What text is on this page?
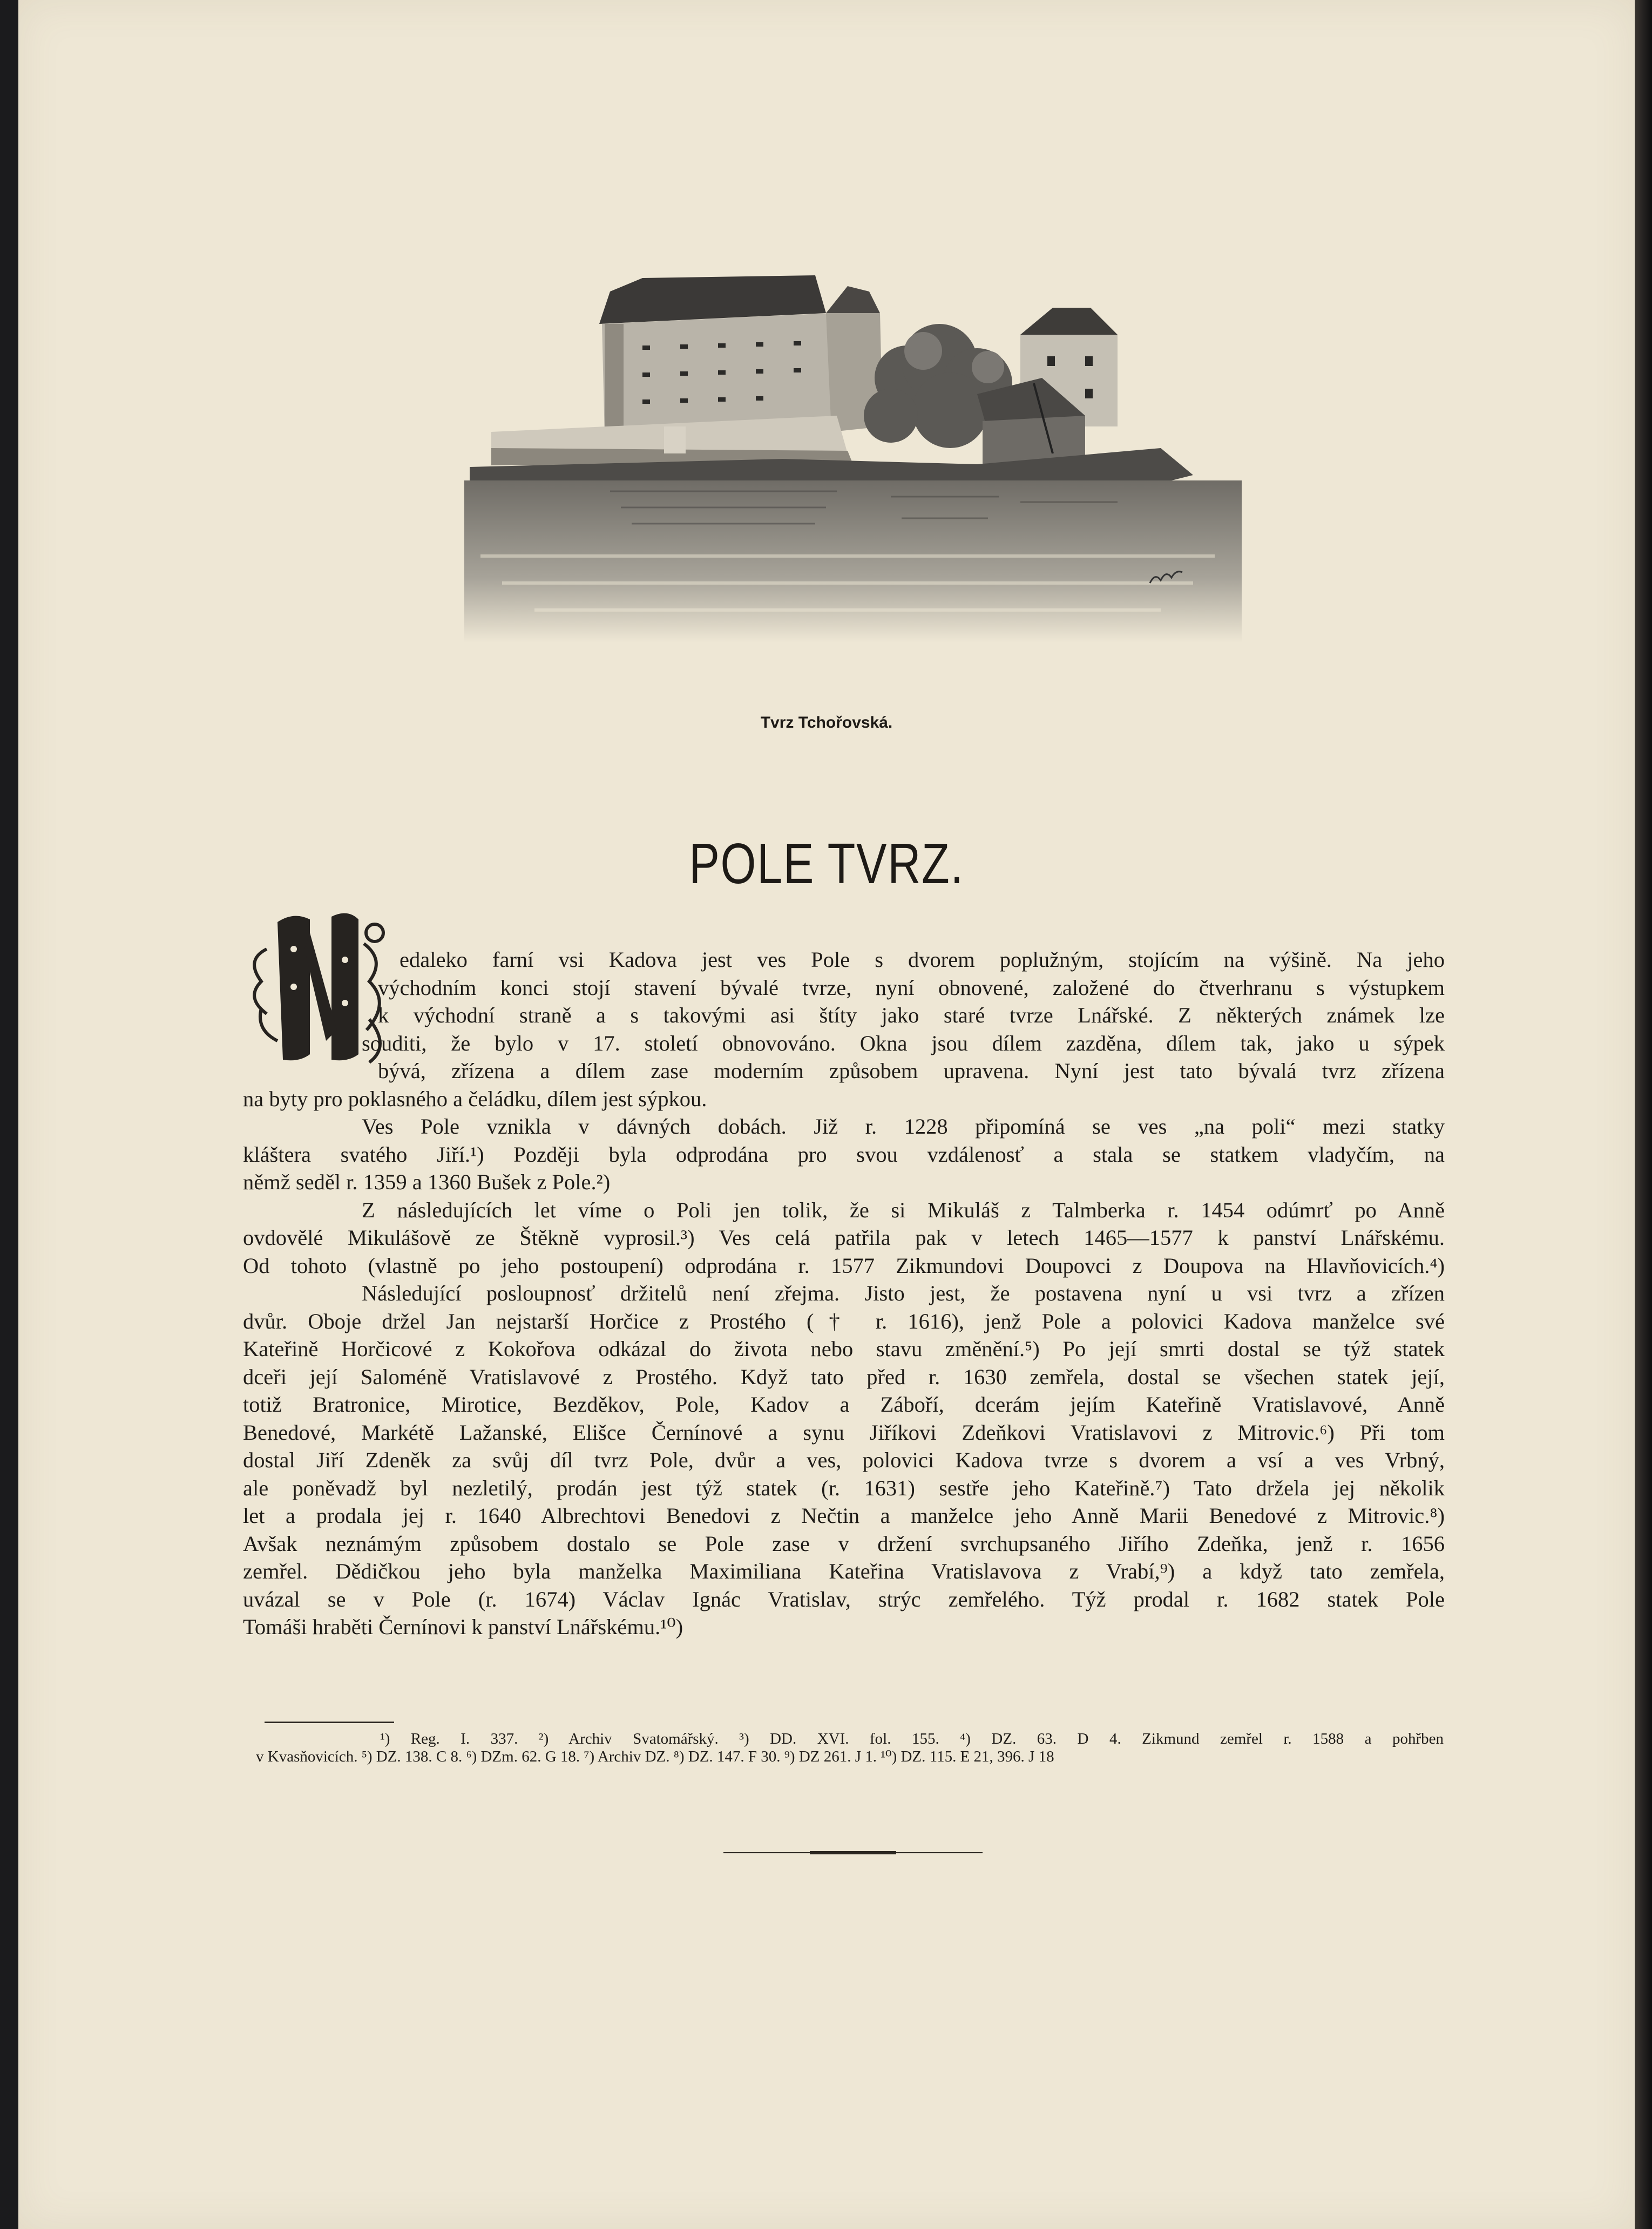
Tvrz Tchořovská.

POLE TVRZ.
edaleko farní vsi Kadova jest ves Pole s dvorem poplužným, stojícím na výšině. Na jeho
východním konci stojí stavení bývalé tvrze, nyní obnovené, založené do čtverhranu s výstupkem
k východní straně a s takovými asi štíty jako staré tvrze Lnářské. Z některých známek lze
souditi, že bylo v 17. století obnovováno. Okna jsou dílem zazděna, dílem tak, jako u sýpek
bývá, zřízena a dílem zase moderním způsobem upravena. Nyní jest tato bývalá tvrz zřízena
na byty pro poklasného a čeládku, dílem jest sýpkou.
Ves Pole vznikla v dávných dobách. Již r. 1228 připomíná se ves „na poli“ mezi statky
kláštera svatého Jiří.¹) Později byla odprodána pro svou vzdálenosť a stala se statkem vladyčím, na
němž seděl r. 1359 a 1360 Bušek z Pole.²)
Z následujících let víme o Poli jen tolik, že si Mikuláš z Talmberka r. 1454 odúmrť po Anně
ovdovělé Mikulášově ze Štěkně vyprosil.³) Ves celá patřila pak v letech 1465—1577 k panství Lnářskému.
Od tohoto (vlastně po jeho postoupení) odprodána r. 1577 Zikmundovi Doupovci z Doupova na Hlavňovicích.⁴)
Následující posloupnosť držitelů není zřejma. Jisto jest, že postavena nyní u vsi tvrz a zřízen
dvůr. Oboje držel Jan nejstarší Horčice z Prostého († r. 1616), jenž Pole a polovici Kadova manželce své
Kateřině Horčicové z Kokořova odkázal do života nebo stavu změnění.⁵) Po její smrti dostal se týž statek
dceři její Saloméně Vratislavové z Prostého. Když tato před r. 1630 zemřela, dostal se všechen statek její,
totiž Bratronice, Mirotice, Bezděkov, Pole, Kadov a Záboří, dcerám jejím Kateřině Vratislavové, Anně
Benedové, Markétě Lažanské, Elišce Černínové a synu Jiříkovi Zdeňkovi Vratislavovi z Mitrovic.⁶) Při tom
dostal Jiří Zdeněk za svůj díl tvrz Pole, dvůr a ves, polovici Kadova tvrze s dvorem a vsí a ves Vrbný,
ale poněvadž byl nezletilý, prodán jest týž statek (r. 1631) sestře jeho Kateřině.⁷) Tato držela jej několik
let a prodala jej r. 1640 Albrechtovi Benedovi z Nečtin a manželce jeho Anně Marii Benedové z Mitrovic.⁸)
Avšak neznámým způsobem dostalo se Pole zase v držení svrchupsaného Jiřího Zdeňka, jenž r. 1656
zemřel. Dědičkou jeho byla manželka Maximiliana Kateřina Vratislavova z Vrabí,⁹) a když tato zemřela,
uvázal se v Pole (r. 1674) Václav Ignác Vratislav, strýc zemřelého. Týž prodal r. 1682 statek Pole
Tomáši hraběti Černínovi k panství Lnářskému.¹⁰)
¹) Reg. I. 337. ²) Archiv Svatomářský. ³) DD. XVI. fol. 155. ⁴) DZ. 63. D 4. Zikmund zemřel r. 1588 a pohřben
v Kvasňovicích. ⁵) DZ. 138. C 8. ⁶) DZm. 62. G 18. ⁷) Archiv DZ. ⁸) DZ. 147. F 30. ⁹) DZ 261. J 1. ¹⁰) DZ. 115. E 21, 396. J 18
